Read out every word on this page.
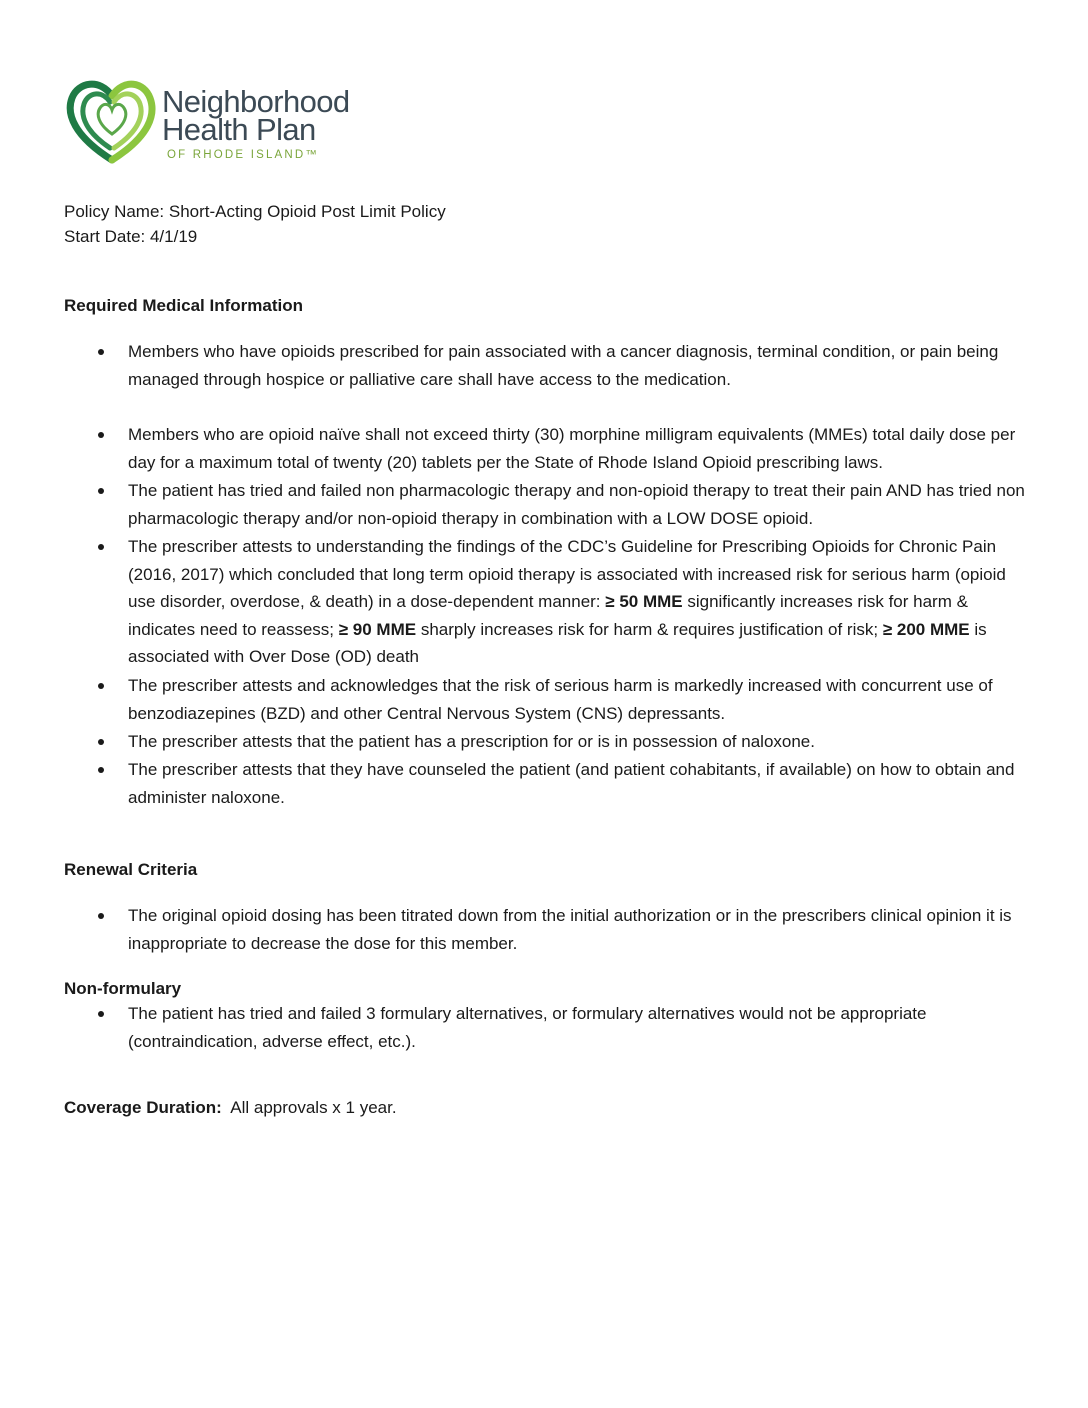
Neighborhood
Health Plan
OF RHODE ISLAND™
Policy Name: Short-Acting Opioid Post Limit Policy
Start Date: 4/1/19
Required Medical Information
Members who have opioids prescribed for pain associated with a cancer diagnosis, terminal condition, or pain being managed through hospice or palliative care shall have access to the medication.
Members who are opioid naïve shall not exceed thirty (30) morphine milligram equivalents (MMEs) total daily dose per day for a maximum total of twenty (20) tablets per the State of Rhode Island Opioid prescribing laws.
The patient has tried and failed non pharmacologic therapy and non-opioid therapy to treat their pain AND has tried non pharmacologic therapy and/or non-opioid therapy in combination with a LOW DOSE opioid.
The prescriber attests to understanding the findings of the CDC’s Guideline for Prescribing Opioids for Chronic Pain (2016, 2017) which concluded that long term opioid therapy is associated with increased risk for serious harm (opioid use disorder, overdose, & death) in a dose-dependent manner: ≥ 50 MME significantly increases risk for harm & indicates need to reassess; ≥ 90 MME sharply increases risk for harm & requires justification of risk; ≥ 200 MME is associated with Over Dose (OD) death
The prescriber attests and acknowledges that the risk of serious harm is markedly increased with concurrent use of benzodiazepines (BZD) and other Central Nervous System (CNS) depressants.
The prescriber attests that the patient has a prescription for or is in possession of naloxone.
The prescriber attests that they have counseled the patient (and patient cohabitants, if available) on how to obtain and administer naloxone.
Renewal Criteria
The original opioid dosing has been titrated down from the initial authorization or in the prescribers clinical opinion it is inappropriate to decrease the dose for this member.
Non-formulary
The patient has tried and failed 3 formulary alternatives, or formulary alternatives would not be appropriate (contraindication, adverse effect, etc.).
Coverage Duration:  All approvals x 1 year.
